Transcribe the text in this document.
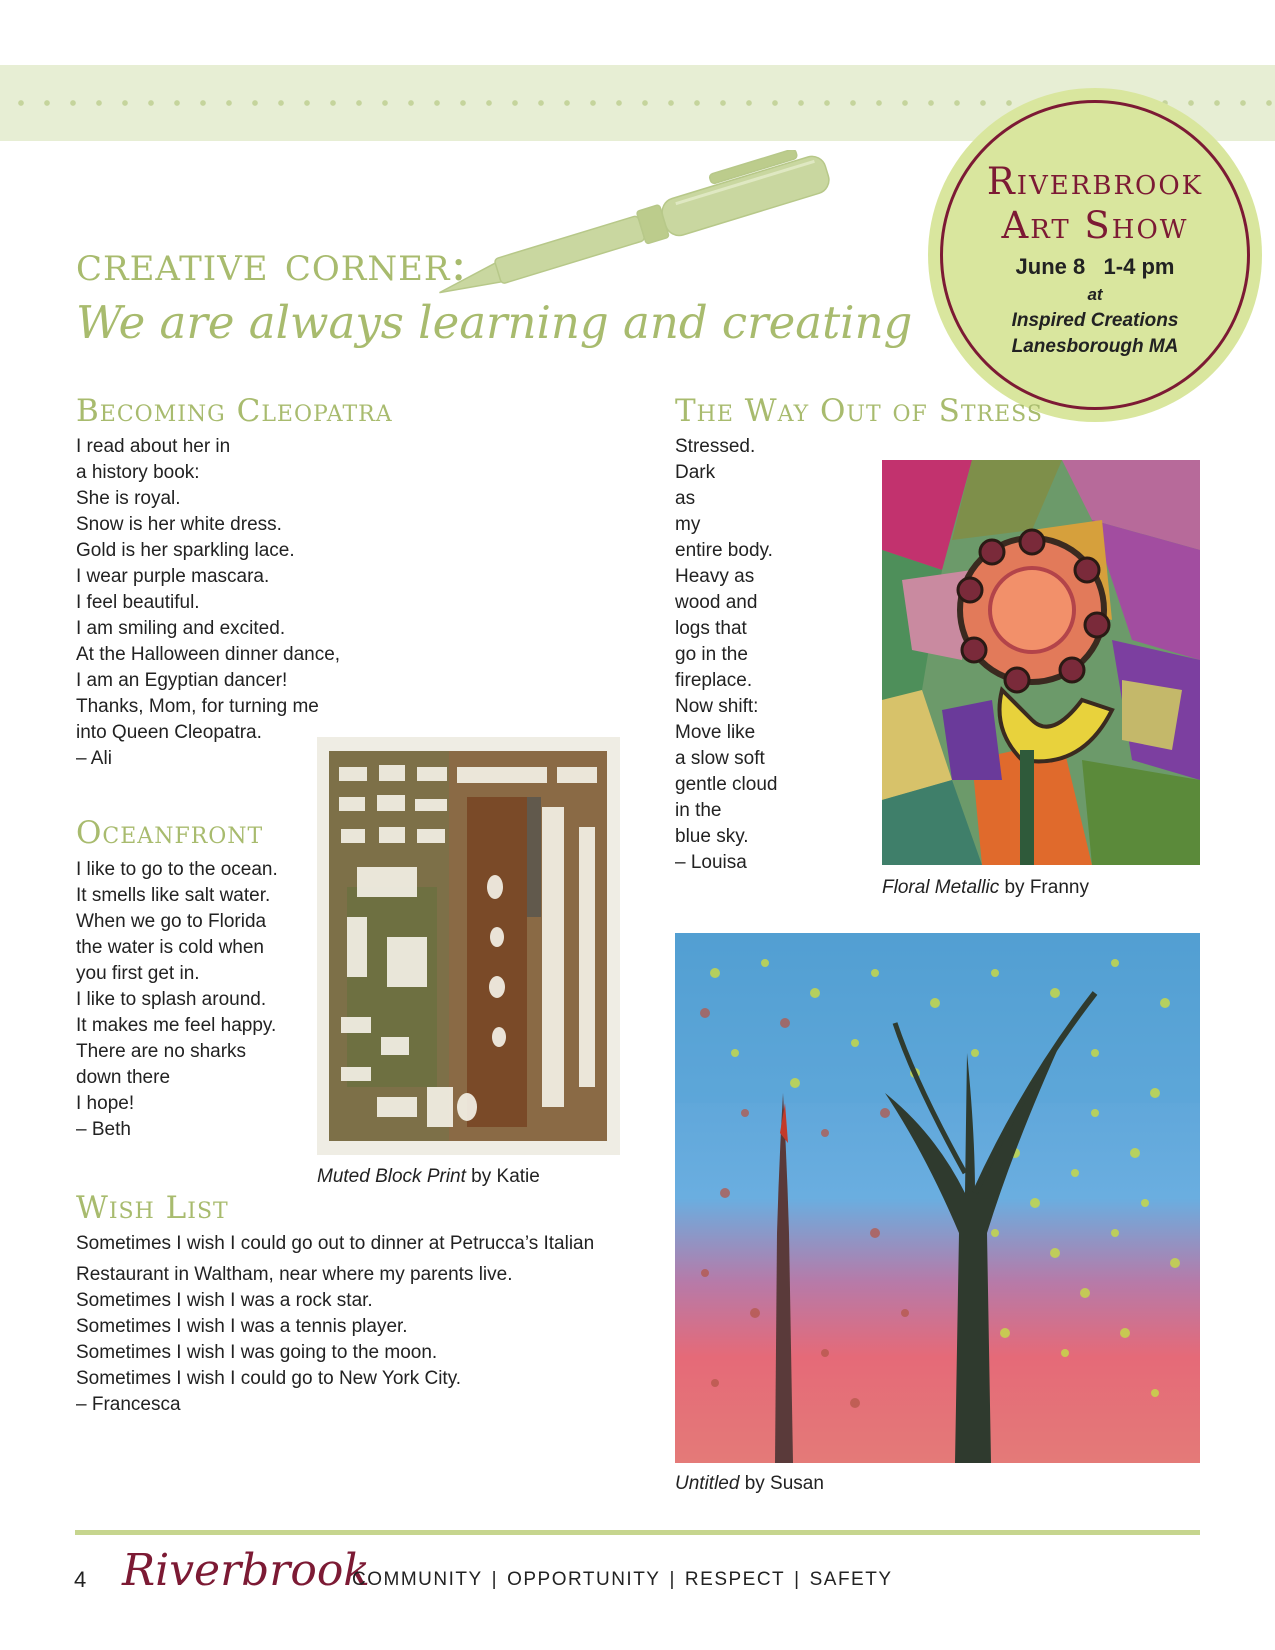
creative corner:
We are always learning and creating
Riverbrook
Art Show
June 8   1-4 pm
at
Inspired Creations
Lanesborough MA
Becoming Cleopatra
I read about her in
a history book:
She is royal.
Snow is her white dress.
Gold is her sparkling lace.
I wear purple mascara.
I feel beautiful.
I am smiling and excited.
At the Halloween dinner dance,
I am an Egyptian dancer!
Thanks, Mom, for turning me
into Queen Cleopatra.
– Ali
Oceanfront
I like to go to the ocean.
It smells like salt water.
When we go to Florida
the water is cold when
you first get in.
I like to splash around.
It makes me feel happy.
There are no sharks
down there
I hope!
– Beth
Muted Block Print by Katie
Wish List
Sometimes I wish I could go out to dinner at Petrucca’s Italian
Restaurant in Waltham, near where my parents live.
Sometimes I wish I was a rock star.
Sometimes I wish I was a tennis player.
Sometimes I wish I was going to the moon.
Sometimes I wish I could go to New York City.
– Francesca
The Way Out of Stress
Stressed.
Dark
as
my
entire body.
Heavy as
wood and
logs that
go in the
fireplace.
Now shift:
Move like
a slow soft
gentle cloud
in the
blue sky.
– Louisa
Floral Metallic by Franny
Untitled by Susan
4 Riverbrook
COMMUNITY | OPPORTUNITY | RESPECT | SAFETY
